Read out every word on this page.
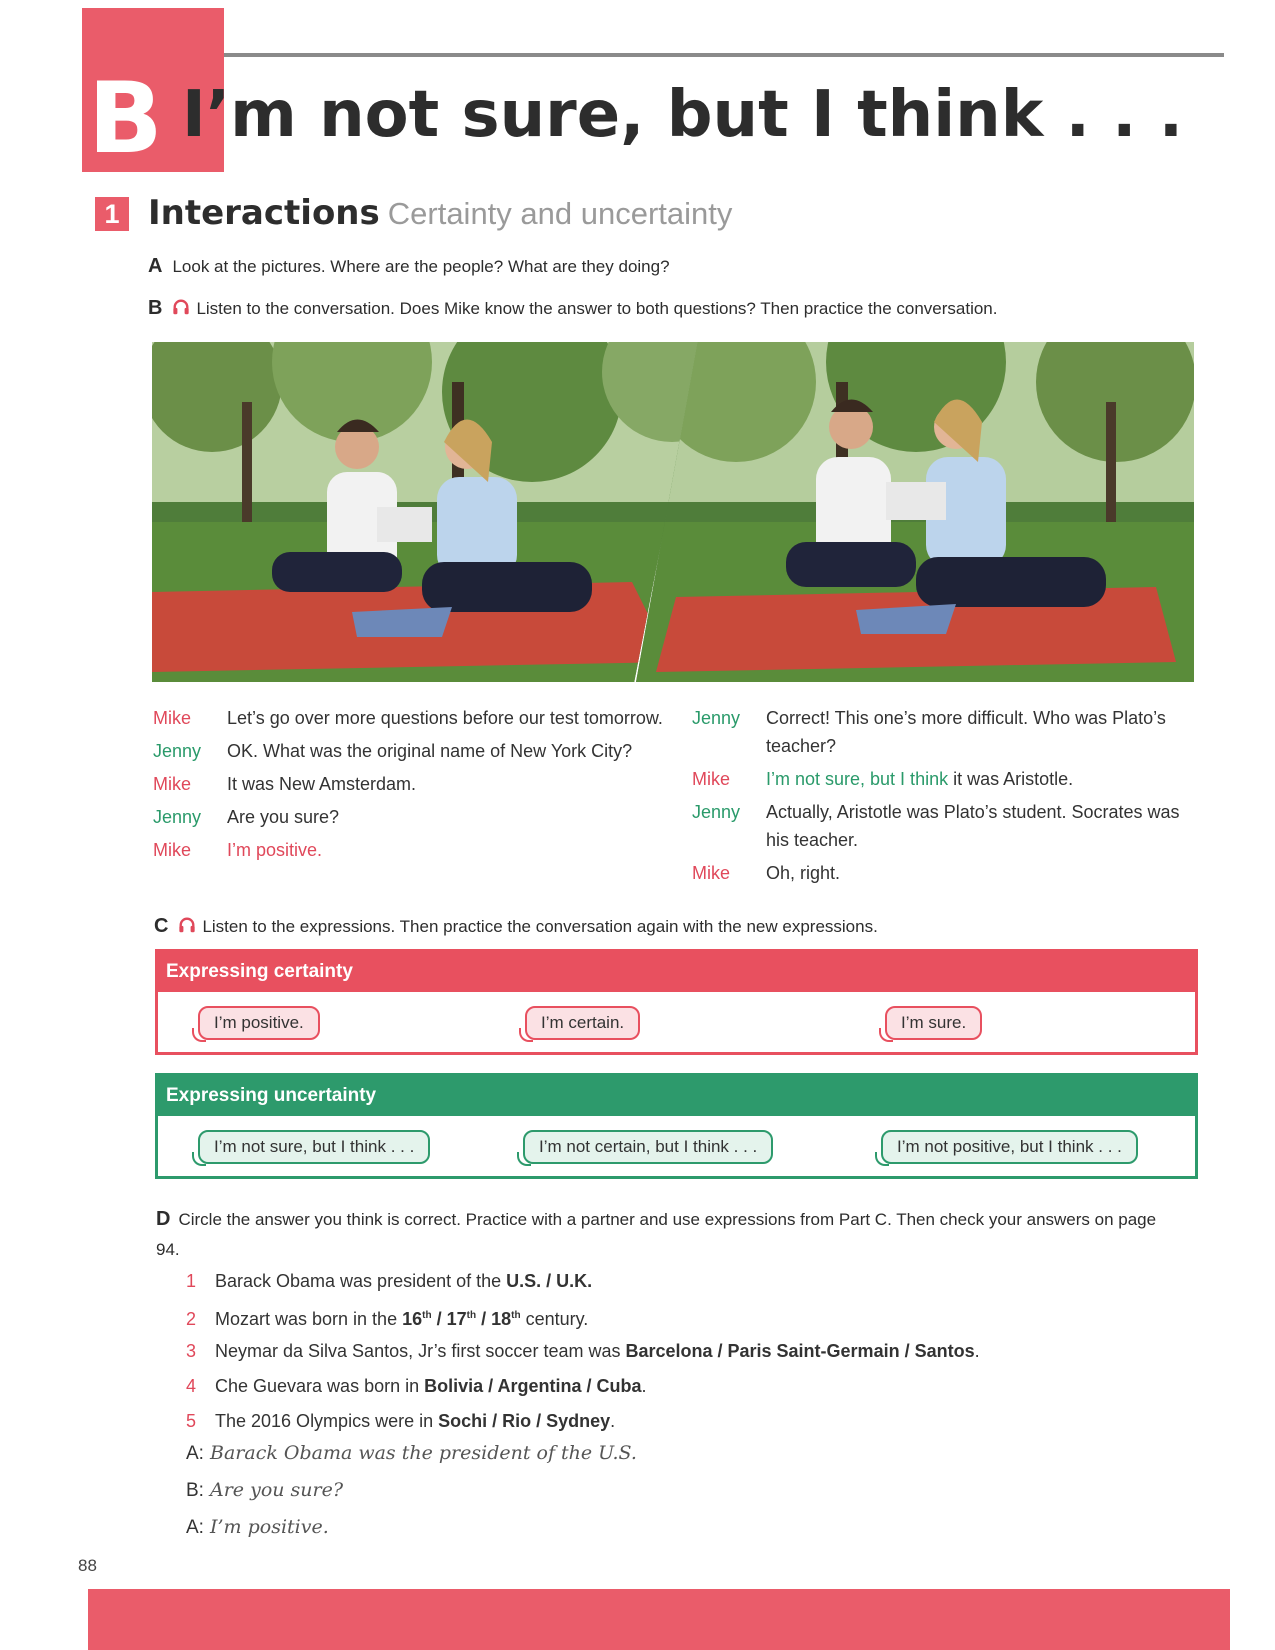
B I’m not sure, but I think . . .
1 Interactions Certainty and uncertainty
A Look at the pictures. Where are the people? What are they doing?
B Listen to the conversation. Does Mike know the answer to both questions? Then practice the conversation.
Mike	Let’s go over more questions before our test tomorrow.
Jenny	OK. What was the original name of New York City?
Mike	It was New Amsterdam.
Jenny	Are you sure?
Mike	I’m positive.
Jenny	Correct! This one’s more difficult. Who was Plato’s teacher?
Mike	I’m not sure, but I think it was Aristotle.
Jenny	Actually, Aristotle was Plato’s student. Socrates was his teacher.
Mike	Oh, right.
C Listen to the expressions. Then practice the conversation again with the new expressions.
Expressing certainty
I’m positive.	I’m certain.	I’m sure.
Expressing uncertainty
I’m not sure, but I think . . .	I’m not certain, but I think . . .	I’m not positive, but I think . . .
D Circle the answer you think is correct. Practice with a partner and use expressions from Part C. Then check your answers on page 94.
1 Barack Obama was president of the U.S. / U.K.
2 Mozart was born in the 16th / 17th / 18th century.
3 Neymar da Silva Santos, Jr’s first soccer team was Barcelona / Paris Saint-Germain / Santos.
4 Che Guevara was born in Bolivia / Argentina / Cuba.
5 The 2016 Olympics were in Sochi / Rio / Sydney.
A: Barack Obama was the president of the U.S.
B: Are you sure?
A: I’m positive.
88
